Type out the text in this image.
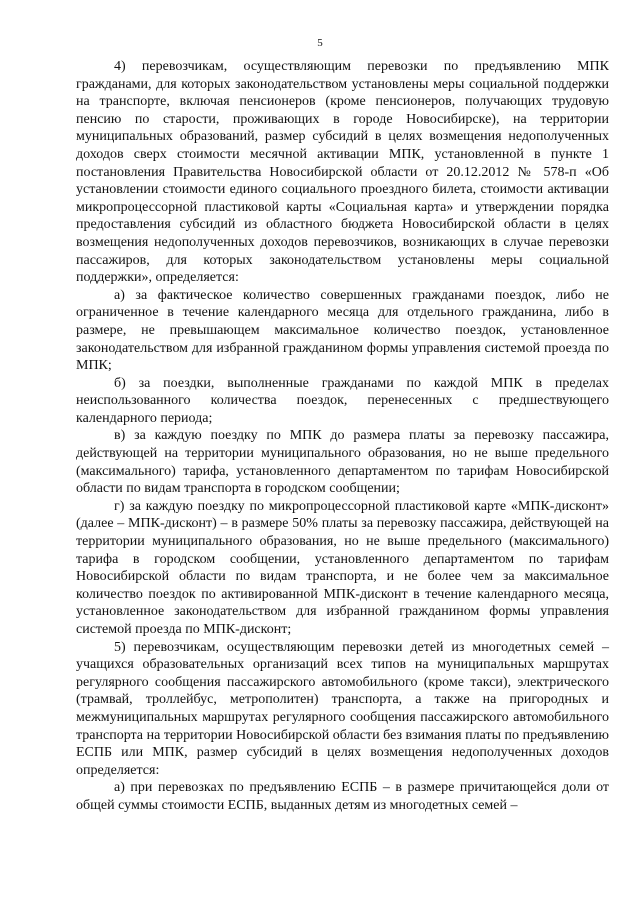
5

4) перевозчикам, осуществляющим перевозки по предъявлению МПК гражданами, для которых законодательством установлены меры социальной поддержки на транспорте, включая пенсионеров (кроме пенсионеров, получающих трудовую пенсию по старости, проживающих в городе Новосибирске), на территории муниципальных образований, размер субсидий в целях возмещения недополученных доходов сверх стоимости месячной активации МПК, установленной в пункте 1 постановления Правительства Новосибирской области от 20.12.2012 № 578-п «Об установлении стоимости единого социального проездного билета, стоимости активации микропроцессорной пластиковой карты «Социальная карта» и утверждении порядка предоставления субсидий из областного бюджета Новосибирской области в целях возмещения недополученных доходов перевозчиков, возникающих в случае перевозки пассажиров, для которых законодательством установлены меры социальной поддержки», определяется:

а) за фактическое количество совершенных гражданами поездок, либо не ограниченное в течение календарного месяца для отдельного гражданина, либо в размере, не превышающем максимальное количество поездок, установленное законодательством для избранной гражданином формы управления системой проезда по МПК;

б) за поездки, выполненные гражданами по каждой МПК в пределах неиспользованного количества поездок, перенесенных с предшествующего календарного периода;

в) за каждую поездку по МПК до размера платы за перевозку пассажира, действующей на территории муниципального образования, но не выше предельного (максимального) тарифа, установленного департаментом по тарифам Новосибирской области по видам транспорта в городском сообщении;

г) за каждую поездку по микропроцессорной пластиковой карте «МПК-дисконт» (далее – МПК-дисконт) – в размере 50% платы за перевозку пассажира, действующей на территории муниципального образования, но не выше предельного (максимального) тарифа в городском сообщении, установленного департаментом по тарифам Новосибирской области по видам транспорта, и не более чем за максимальное количество поездок по активированной МПК-дисконт в течение календарного месяца, установленное законодательством для избранной гражданином формы управления системой проезда по МПК-дисконт;

5) перевозчикам, осуществляющим перевозки детей из многодетных семей – учащихся образовательных организаций всех типов на муниципальных маршрутах регулярного сообщения пассажирского автомобильного (кроме такси), электрического (трамвай, троллейбус, метрополитен) транспорта, а также на пригородных и межмуниципальных маршрутах регулярного сообщения пассажирского автомобильного транспорта на территории Новосибирской области без взимания платы по предъявлению ЕСПБ или МПК, размер субсидий в целях возмещения недополученных доходов определяется:

а) при перевозках по предъявлению ЕСПБ – в размере причитающейся доли от общей суммы стоимости ЕСПБ, выданных детям из многодетных семей –
